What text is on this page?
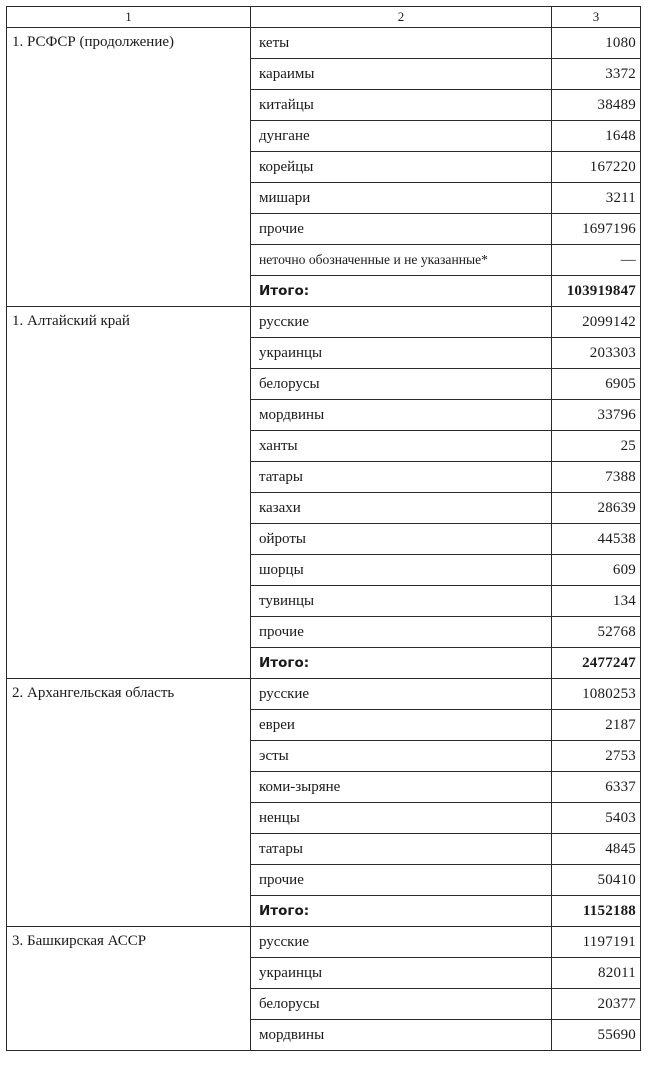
1	2	3
1. РСФСР (продолжение)	кеты	1080
	караимы	3372
	китайцы	38489
	дунгане	1648
	корейцы	167220
	мишари	3211
	прочие	1697196
	неточно обозначенные и не указанные*	—
	Итого:	103919847
1. Алтайский край	русские	2099142
	украинцы	203303
	белорусы	6905
	мордвины	33796
	ханты	25
	татары	7388
	казахи	28639
	ойроты	44538
	шорцы	609
	тувинцы	134
	прочие	52768
	Итого:	2477247
2. Архангельская область	русские	1080253
	евреи	2187
	эсты	2753
	коми-зыряне	6337
	ненцы	5403
	татары	4845
	прочие	50410
	Итого:	1152188
3. Башкирская АССР	русские	1197191
	украинцы	82011
	белорусы	20377
	мордвины	55690
